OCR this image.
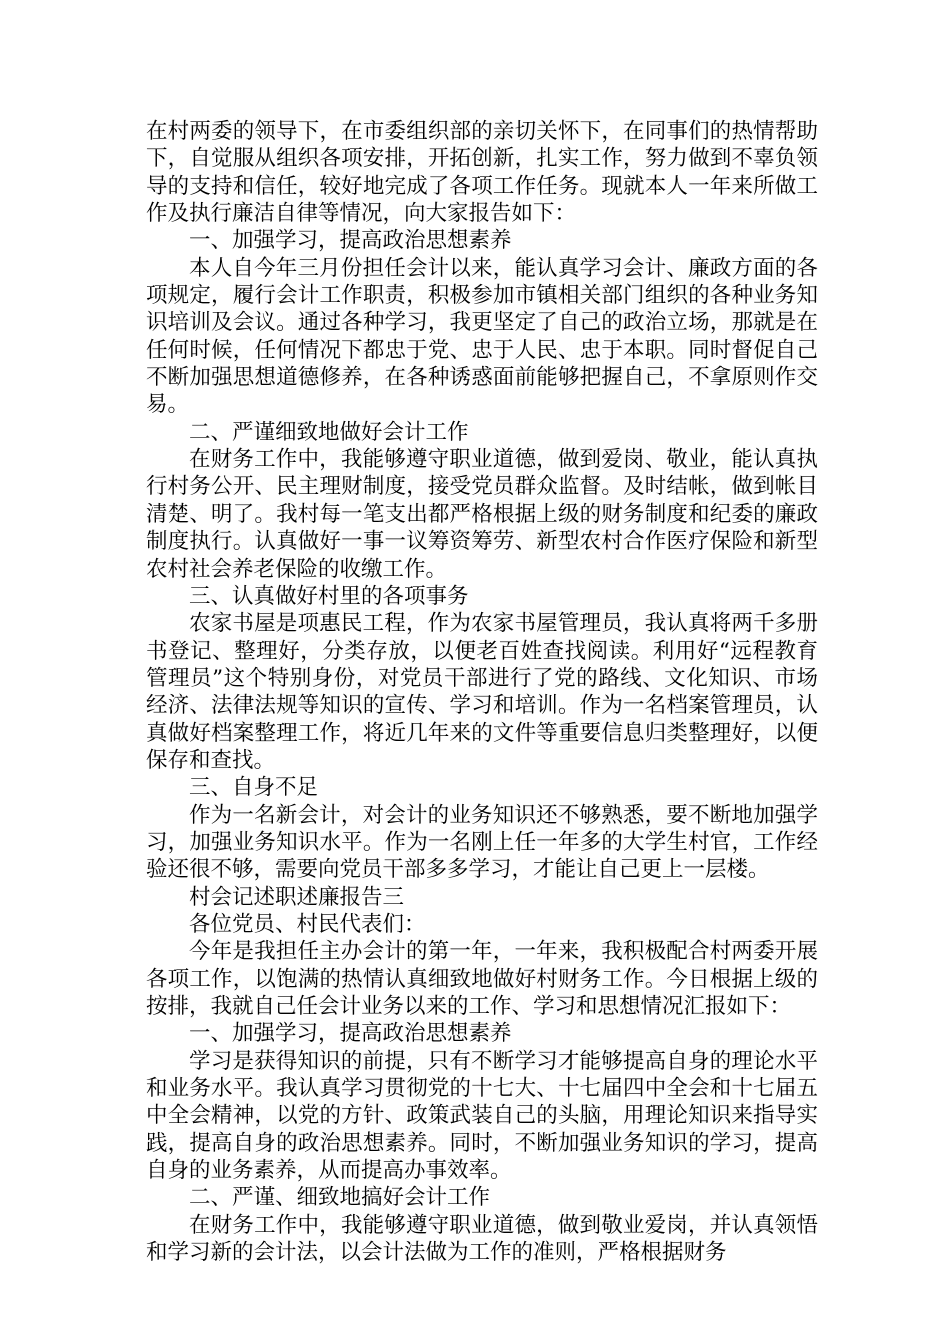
在村两委的领导下，在市委组织部的亲切关怀下，在同事们的热情帮助下，自觉服从组织各项安排，开拓创新，扎实工作，努力做到不辜负领导的支持和信任，较好地完成了各项工作任务。现就本人一年来所做工作及执行廉洁自律等情况，向大家报告如下：

一、加强学习，提高政治思想素养

本人自今年三月份担任会计以来，能认真学习会计、廉政方面的各项规定，履行会计工作职责，积极参加市镇相关部门组织的各种业务知识培训及会议。通过各种学习，我更坚定了自己的政治立场，那就是在任何时候，任何情况下都忠于党、忠于人民、忠于本职。同时督促自己不断加强思想道德修养，在各种诱惑面前能够把握自己，不拿原则作交易。

二、严谨细致地做好会计工作

在财务工作中，我能够遵守职业道德，做到爱岗、敬业，能认真执行村务公开、民主理财制度，接受党员群众监督。及时结帐，做到帐目清楚、明了。我村每一笔支出都严格根据上级的财务制度和纪委的廉政制度执行。认真做好一事一议筹资筹劳、新型农村合作医疗保险和新型农村社会养老保险的收缴工作。

三、认真做好村里的各项事务

农家书屋是项惠民工程，作为农家书屋管理员，我认真将两千多册书登记、整理好，分类存放，以便老百姓查找阅读。利用好“远程教育管理员”这个特别身份，对党员干部进行了党的路线、文化知识、市场经济、法律法规等知识的宣传、学习和培训。作为一名档案管理员，认真做好档案整理工作，将近几年来的文件等重要信息归类整理好，以便保存和查找。

三、自身不足

作为一名新会计，对会计的业务知识还不够熟悉，要不断地加强学习，加强业务知识水平。作为一名刚上任一年多的大学生村官，工作经验还很不够，需要向党员干部多多学习，才能让自己更上一层楼。

村会记述职述廉报告三

各位党员、村民代表们：

今年是我担任主办会计的第一年，一年来，我积极配合村两委开展各项工作，以饱满的热情认真细致地做好村财务工作。今日根据上级的按排，我就自己任会计业务以来的工作、学习和思想情况汇报如下：

一、加强学习，提高政治思想素养

学习是获得知识的前提，只有不断学习才能够提高自身的理论水平和业务水平。我认真学习贯彻党的十七大、十七届四中全会和十七届五中全会精神，以党的方针、政策武装自己的头脑，用理论知识来指导实践，提高自身的政治思想素养。同时，不断加强业务知识的学习，提高自身的业务素养，从而提高办事效率。

二、严谨、细致地搞好会计工作

在财务工作中，我能够遵守职业道德，做到敬业爱岗，并认真领悟和学习新的会计法，以会计法做为工作的准则，严格根据财务
